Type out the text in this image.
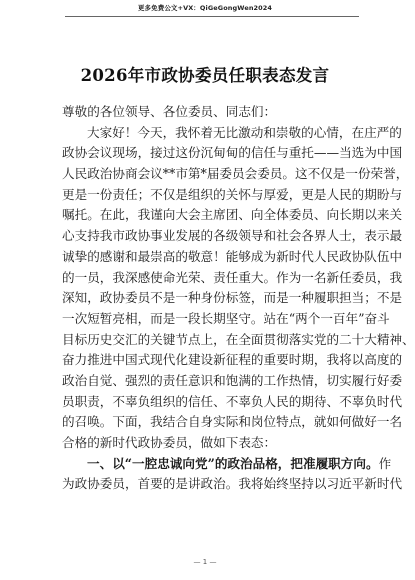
更多免费公文+VX：QiGeGongWen2024
2026年市政协委员任职表态发言
尊敬的各位领导、各位委员、同志们：
大家好！今天，我怀着无比激动和崇敬的心情，在庄严的
政协会议现场，接过这份沉甸甸的信任与重托——当选为中国
人民政治协商会议**市第*届委员会委员。这不仅是一份荣誉，
更是一份责任；不仅是组织的关怀与厚爱，更是人民的期盼与
嘱托。在此，我谨向大会主席团、向全体委员、向长期以来关
心支持我市政协事业发展的各级领导和社会各界人士，表示最
诚挚的感谢和最崇高的敬意！能够成为新时代人民政协队伍中
的一员，我深感使命光荣、责任重大。作为一名新任委员，我
深知，政协委员不是一种身份标签，而是一种履职担当；不是
一次短暂亮相，而是一段长期坚守。站在“两个一百年”奋斗
目标历史交汇的关键节点上，在全面贯彻落实党的二十大精神、
奋力推进中国式现代化建设新征程的重要时期，我将以高度的
政治自觉、强烈的责任意识和饱满的工作热情，切实履行好委
员职责，不辜负组织的信任、不辜负人民的期待、不辜负时代
的召唤。下面，我结合自身实际和岗位特点，就如何做好一名
合格的新时代政协委员，做如下表态：
一、以“一腔忠诚向党”的政治品格，把准履职方向。作
为政协委员，首要的是讲政治。我将始终坚持以习近平新时代
— 1 —
